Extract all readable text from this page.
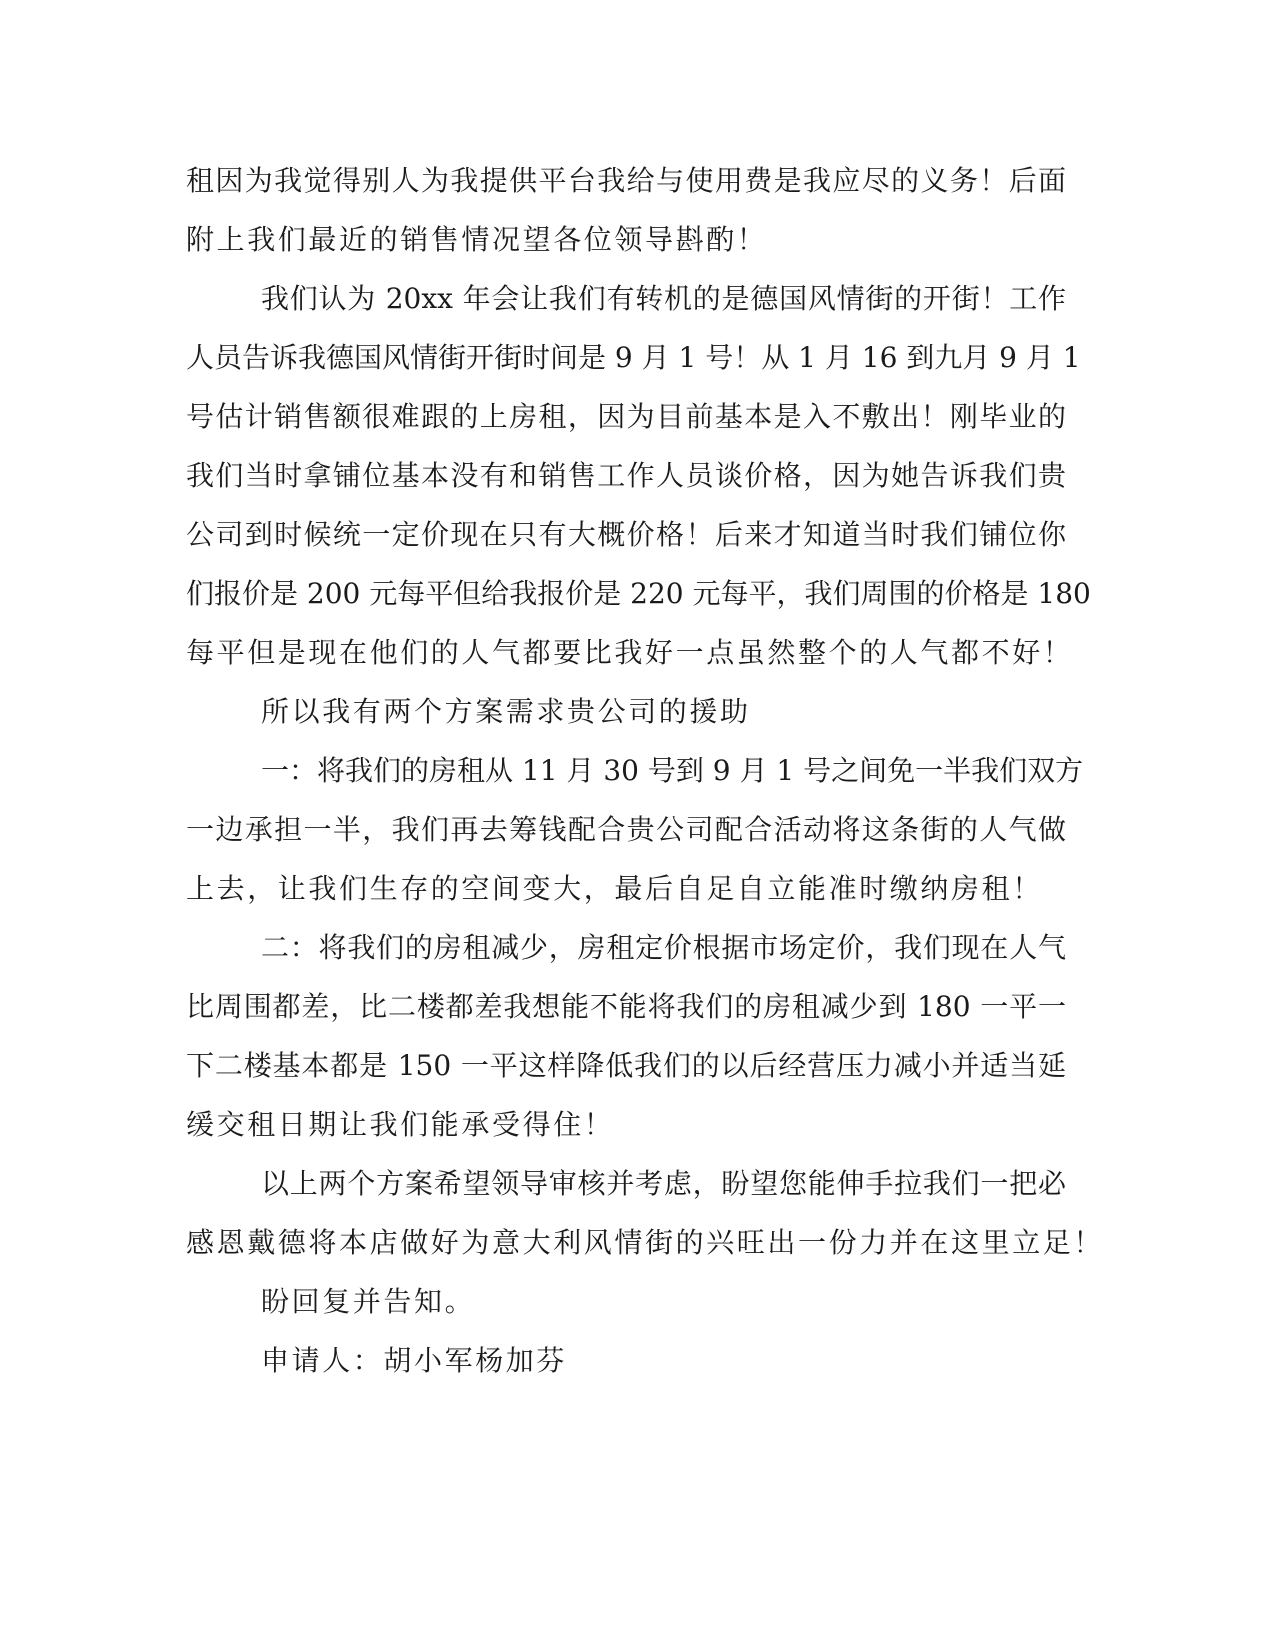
租因为我觉得别人为我提供平台我给与使用费是我应尽的义务！后面
附上我们最近的销售情况望各位领导斟酌！
我们认为 20xx 年会让我们有转机的是德国风情街的开街！工作
人员告诉我德国风情街开街时间是 9 月 1 号！从 1 月 16 到九月 9 月 1
号估计销售额很难跟的上房租，因为目前基本是入不敷出！刚毕业的
我们当时拿铺位基本没有和销售工作人员谈价格，因为她告诉我们贵
公司到时候统一定价现在只有大概价格！后来才知道当时我们铺位你
们报价是 200 元每平但给我报价是 220 元每平，我们周围的价格是 180
每平但是现在他们的人气都要比我好一点虽然整个的人气都不好！
所以我有两个方案需求贵公司的援助
一：将我们的房租从 11 月 30 号到 9 月 1 号之间免一半我们双方
一边承担一半，我们再去筹钱配合贵公司配合活动将这条街的人气做
上去，让我们生存的空间变大，最后自足自立能准时缴纳房租！
二：将我们的房租减少，房租定价根据市场定价，我们现在人气
比周围都差，比二楼都差我想能不能将我们的房租减少到 180 一平一
下二楼基本都是 150 一平这样降低我们的以后经营压力减小并适当延
缓交租日期让我们能承受得住！
以上两个方案希望领导审核并考虑，盼望您能伸手拉我们一把必
感恩戴德将本店做好为意大利风情街的兴旺出一份力并在这里立足！
盼回复并告知。
申请人：胡小军杨加芬
